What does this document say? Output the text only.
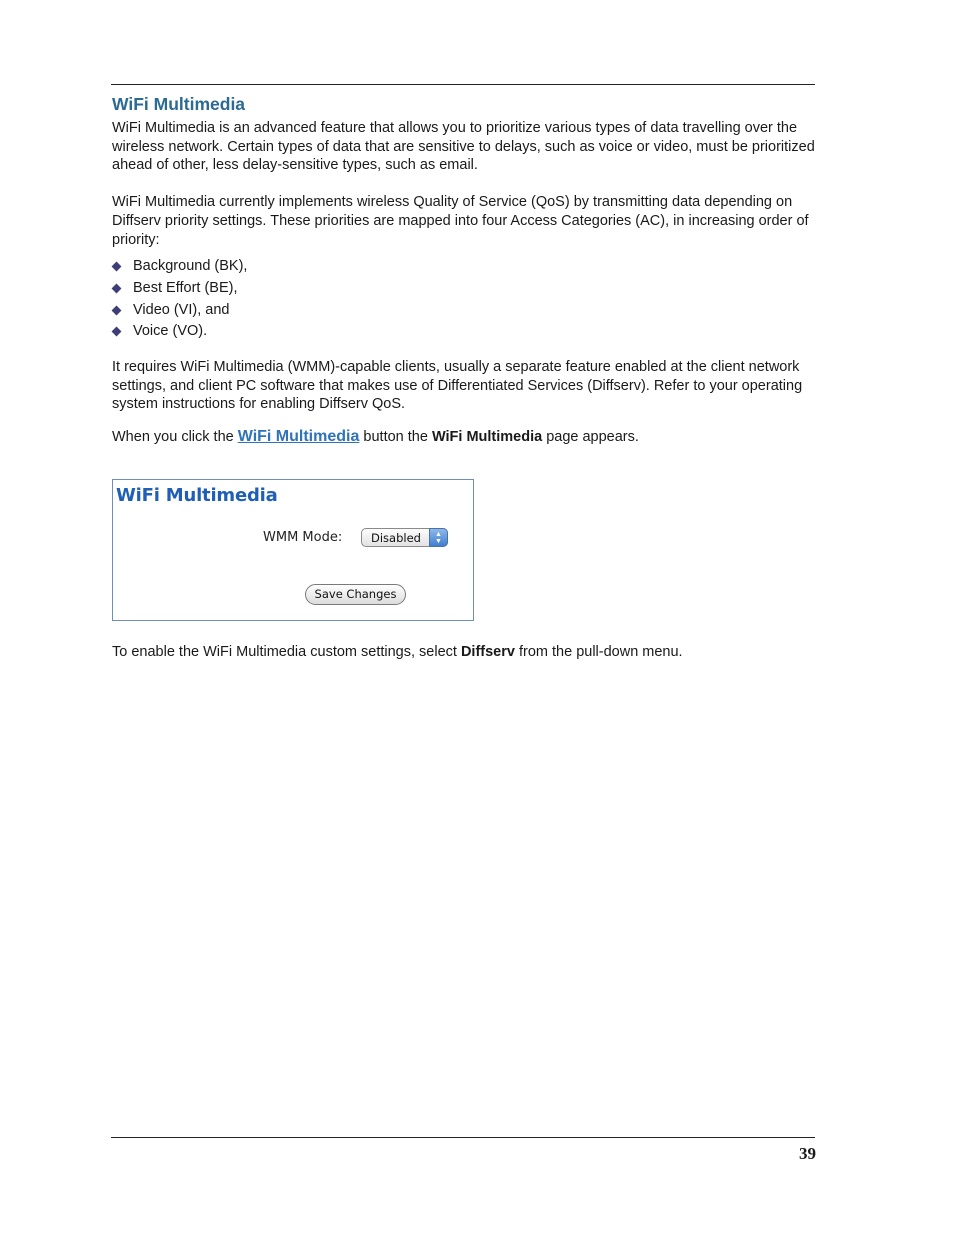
WiFi Multimedia

WiFi Multimedia is an advanced feature that allows you to prioritize various types of data travelling over the wireless network. Certain types of data that are sensitive to delays, such as voice or video, must be prioritized ahead of other, less delay-sensitive types, such as email.

WiFi Multimedia currently implements wireless Quality of Service (QoS) by transmitting data depending on Diffserv priority settings. These priorities are mapped into four Access Categories (AC), in increasing order of priority:

Background (BK),
Best Effort (BE),
Video (VI), and
Voice (VO).

It requires WiFi Multimedia (WMM)-capable clients, usually a separate feature enabled at the client network settings, and client PC software that makes use of Differentiated Services (Diffserv). Refer to your operating system instructions for enabling Diffserv QoS.

When you click the WiFi Multimedia button the WiFi Multimedia page appears.

WiFi Multimedia
WMM Mode:	Disabled	▲
▼
Save Changes
To enable the WiFi Multimedia custom settings, select Diffserv from the pull-down menu.
39
